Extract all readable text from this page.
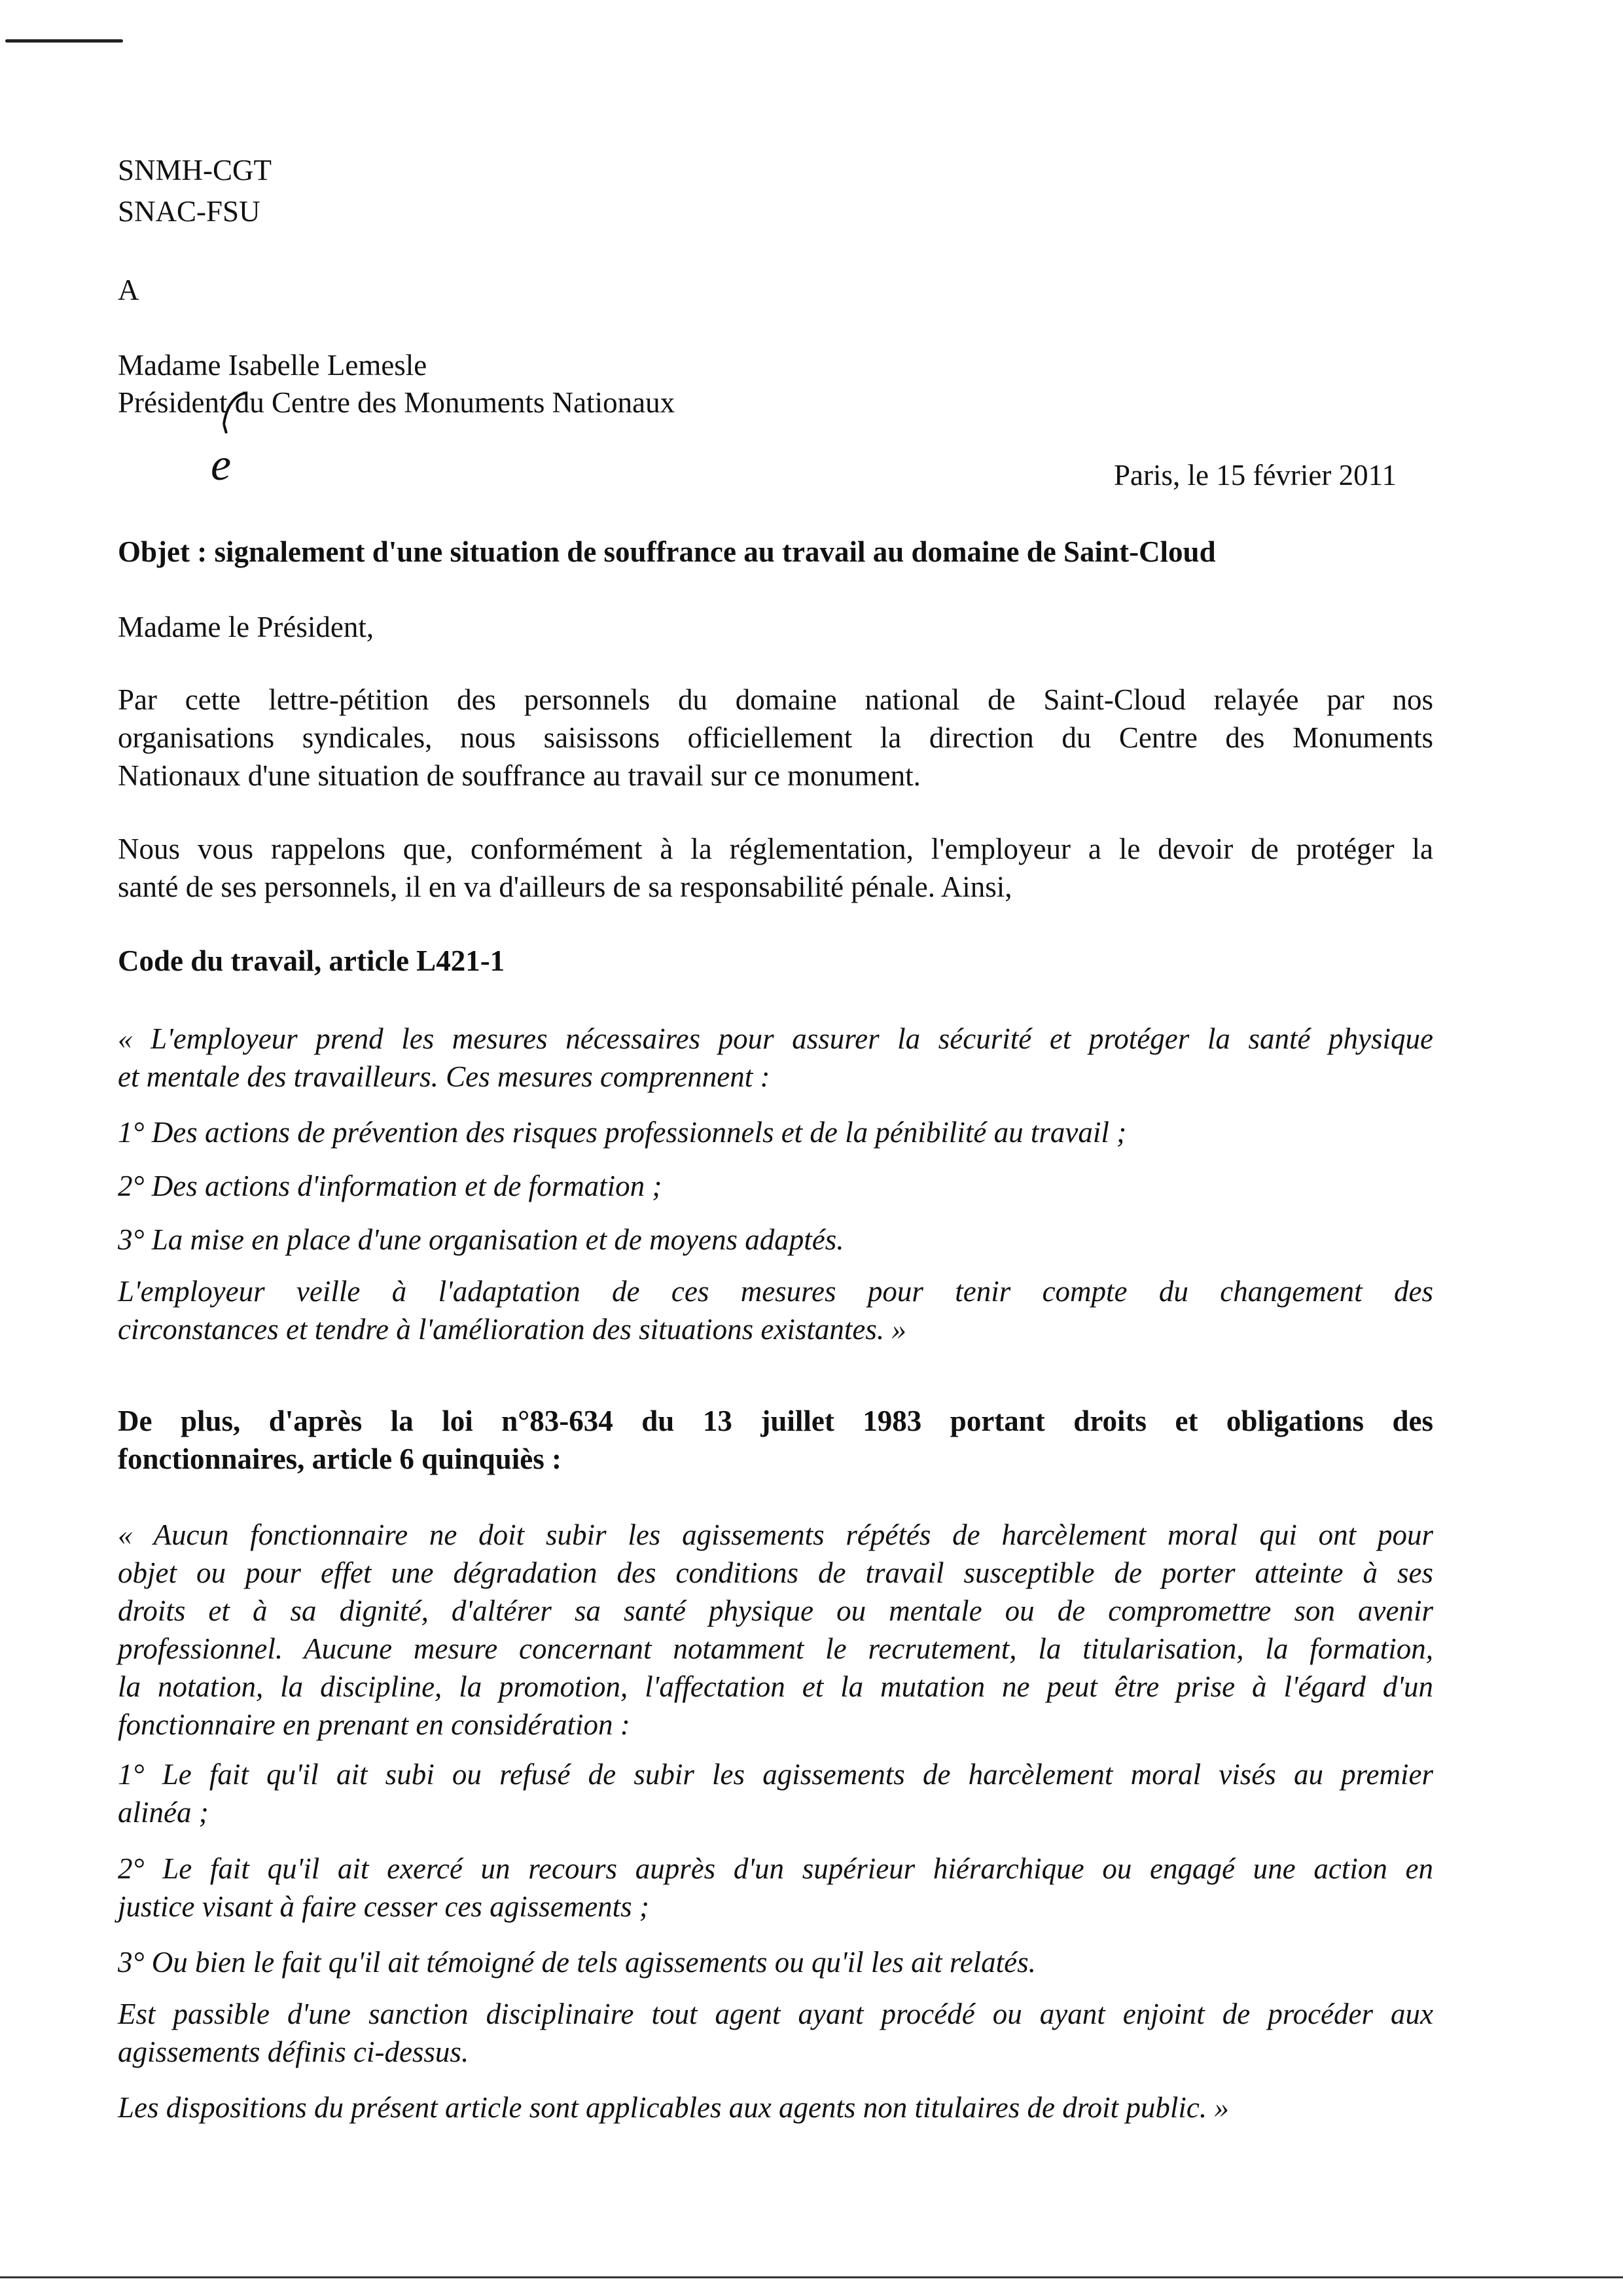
SNMH-CGT
SNAC-FSU
A
Madame Isabelle Lemesle
Président du Centre des Monuments Nationaux
e	Paris, le 15 février 2011
Objet : signalement d'une situation de souffrance au travail au domaine de Saint-Cloud
Madame le Président,
Par cette lettre-pétition des personnels du domaine national de Saint-Cloud relayée par nos
organisations syndicales, nous saisissons officiellement la direction du Centre des Monuments
Nationaux d'une situation de souffrance au travail sur ce monument.
Nous vous rappelons que, conformément à la réglementation, l'employeur a le devoir de protéger la
santé de ses personnels, il en va d'ailleurs de sa responsabilité pénale. Ainsi,
Code du travail, article L421-1
« L'employeur prend les mesures nécessaires pour assurer la sécurité et protéger la santé physique
et mentale des travailleurs. Ces mesures comprennent :
1° Des actions de prévention des risques professionnels et de la pénibilité au travail ;
2° Des actions d'information et de formation ;
3° La mise en place d'une organisation et de moyens adaptés.
L'employeur veille à l'adaptation de ces mesures pour tenir compte du changement des
circonstances et tendre à l'amélioration des situations existantes. »
De plus, d'après la loi n°83-634 du 13 juillet 1983 portant droits et obligations des
fonctionnaires, article 6 quinquiès :
« Aucun fonctionnaire ne doit subir les agissements répétés de harcèlement moral qui ont pour
objet ou pour effet une dégradation des conditions de travail susceptible de porter atteinte à ses
droits et à sa dignité, d'altérer sa santé physique ou mentale ou de compromettre son avenir
professionnel. Aucune mesure concernant notamment le recrutement, la titularisation, la formation,
la notation, la discipline, la promotion, l'affectation et la mutation ne peut être prise à l'égard d'un
fonctionnaire en prenant en considération :
1° Le fait qu'il ait subi ou refusé de subir les agissements de harcèlement moral visés au premier
alinéa ;
2° Le fait qu'il ait exercé un recours auprès d'un supérieur hiérarchique ou engagé une action en
justice visant à faire cesser ces agissements ;
3° Ou bien le fait qu'il ait témoigné de tels agissements ou qu'il les ait relatés.
Est passible d'une sanction disciplinaire tout agent ayant procédé ou ayant enjoint de procéder aux
agissements définis ci-dessus.
Les dispositions du présent article sont applicables aux agents non titulaires de droit public. »
